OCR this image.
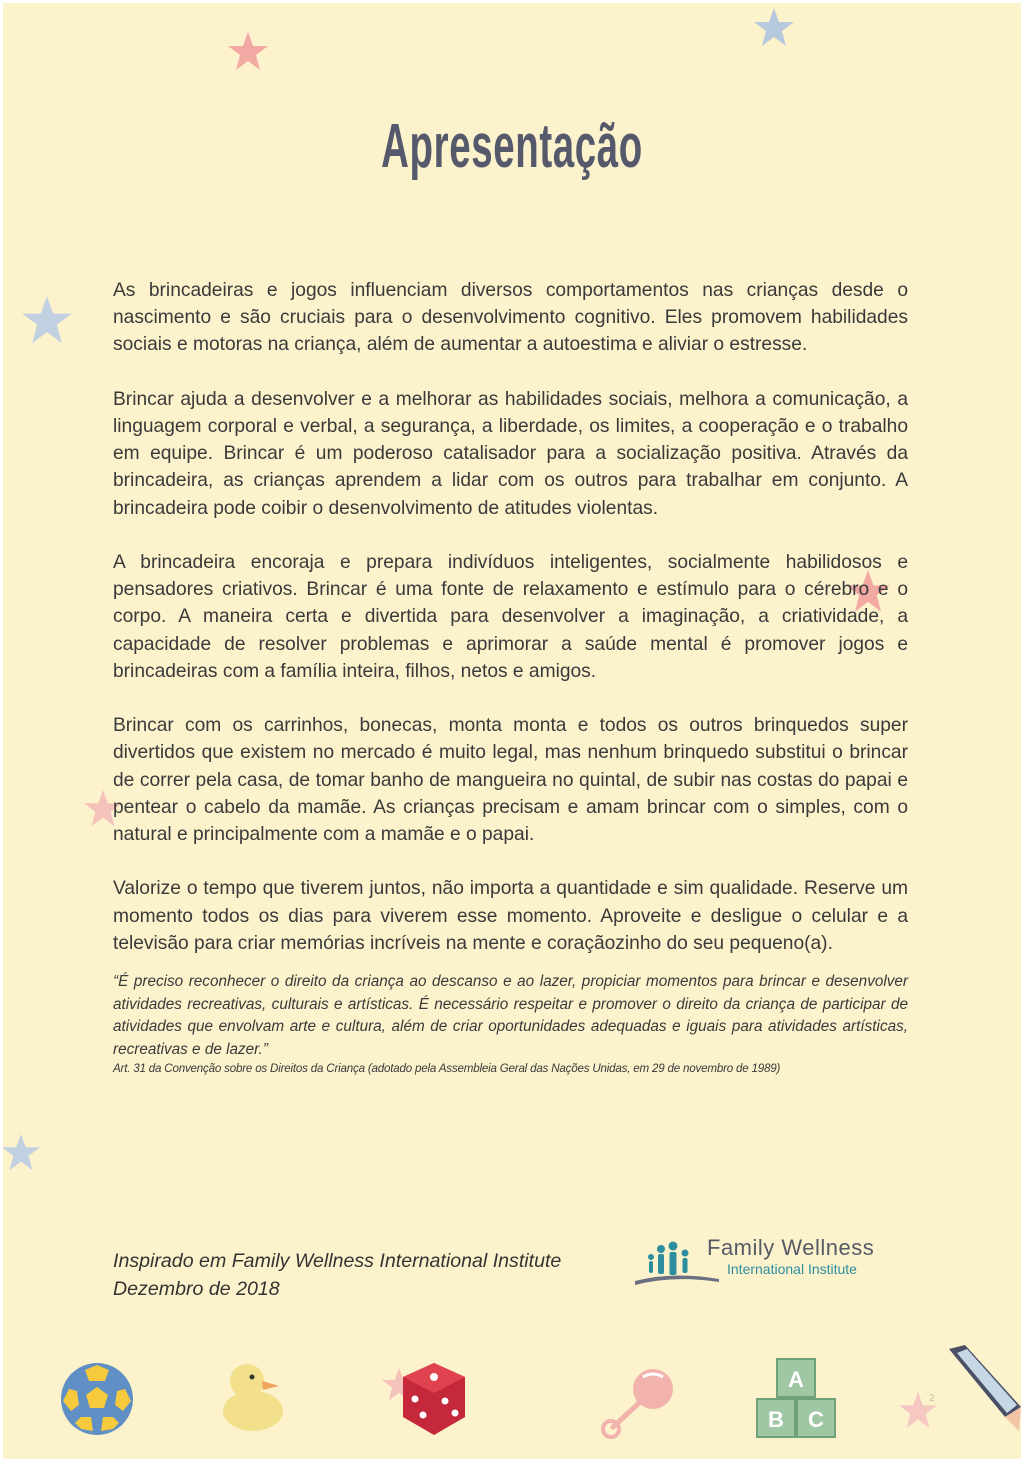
Apresentação

As brincadeiras e jogos influenciam diversos comportamentos nas crianças desde o nascimento e são cruciais para o desenvolvimento cognitivo. Eles promovem habilidades sociais e motoras na criança, além de aumentar a autoestima e aliviar o estresse.

Brincar ajuda a desenvolver e a melhorar as habilidades sociais, melhora a comunicação, a linguagem corporal e verbal, a segurança, a liberdade, os limites, a cooperação e o trabalho em equipe. Brincar é um poderoso catalisador para a socialização positiva. Através da brincadeira, as crianças aprendem a lidar com os outros para trabalhar em conjunto. A brincadeira pode coibir o desenvolvimento de atitudes violentas.

A brincadeira encoraja e prepara indivíduos inteligentes, socialmente habilidosos e pensadores criativos. Brincar é uma fonte de relaxamento e estímulo para o cérebro e o corpo. A maneira certa e divertida para desenvolver a imaginação, a criatividade, a capacidade de resolver problemas e aprimorar a saúde mental é promover jogos e brincadeiras com a família inteira, filhos, netos e amigos.

Brincar com os carrinhos, bonecas, monta monta e todos os outros brinquedos super divertidos que existem no mercado é muito legal, mas nenhum brinquedo substitui o brincar de correr pela casa, de tomar banho de mangueira no quintal, de subir nas costas do papai e pentear o cabelo da mamãe. As crianças precisam e amam brincar com o simples, com o natural e principalmente com a mamãe e o papai.

Valorize o tempo que tiverem juntos, não importa a quantidade e sim qualidade. Reserve um momento todos os dias para viverem esse momento. Aproveite e desligue o celular e a televisão para criar memórias incríveis na mente e coraçãozinho do seu pequeno(a).

“É preciso reconhecer o direito da criança ao descanso e ao lazer, propiciar momentos para brincar e desenvolver atividades recreativas, culturais e artísticas. É necessário respeitar e promover o direito da criança de participar de atividades que envolvam arte e cultura, além de criar oportunidades adequadas e iguais para atividades artísticas, recreativas e de lazer.”

Art. 31 da Convenção sobre os Direitos da Criança (adotado pela Assembleia Geral das Nações Unidas, em 29 de novembro de 1989)

Inspirado em Family Wellness International Institute
Dezembro de 2018
Family Wellness
International Institute
A
B C
2
